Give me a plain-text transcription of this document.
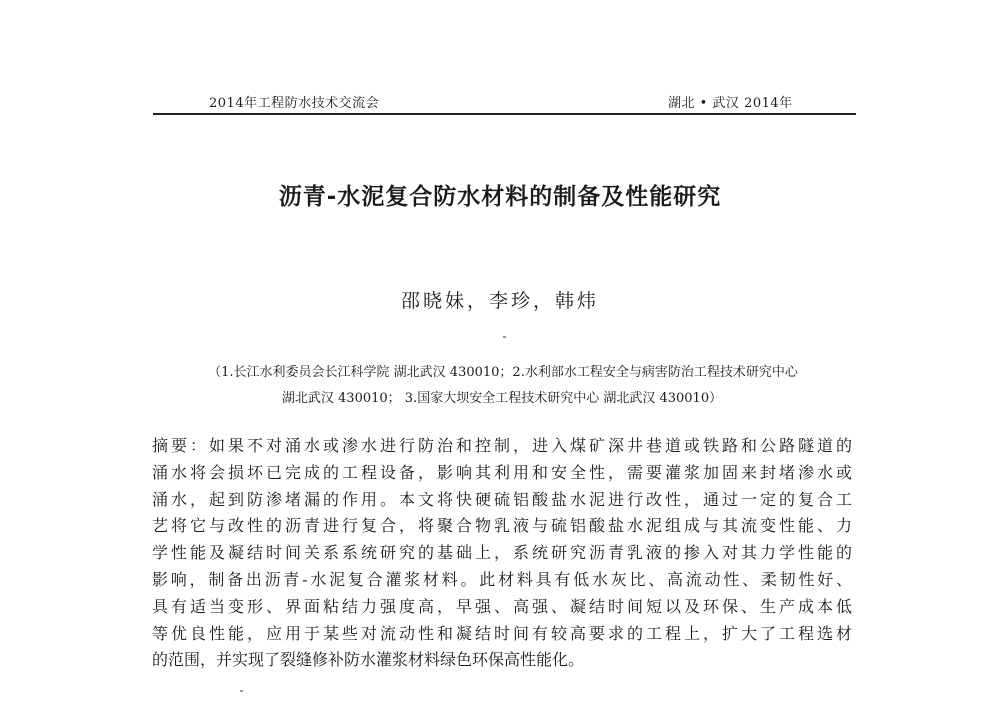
2014年工程防水技术交流会	湖北 • 武汉 2014年
沥青-水泥复合防水材料的制备及性能研究
邵晓妹，李珍，韩炜
（1.长江水利委员会长江科学院 湖北武汉 430010；2.水利部水工程安全与病害防治工程技术研究中心
湖北武汉 430010； 3.国家大坝安全工程技术研究中心 湖北武汉 430010）
摘要：如果不对涌水或渗水进行防治和控制，进入煤矿深井巷道或铁路和公路隧道的
涌水将会损坏已完成的工程设备，影响其利用和安全性，需要灌浆加固来封堵渗水或
涌水，起到防渗堵漏的作用。本文将快硬硫铝酸盐水泥进行改性，通过一定的复合工
艺将它与改性的沥青进行复合，将聚合物乳液与硫铝酸盐水泥组成与其流变性能、力
学性能及凝结时间关系系统研究的基础上，系统研究沥青乳液的掺入对其力学性能的
影响，制备出沥青-水泥复合灌浆材料。此材料具有低水灰比、高流动性、柔韧性好、
具有适当变形、界面粘结力强度高，早强、高强、凝结时间短以及环保、生产成本低
等优良性能，应用于某些对流动性和凝结时间有较高要求的工程上，扩大了工程选材
的范围，并实现了裂缝修补防水灌浆材料绿色环保高性能化。
